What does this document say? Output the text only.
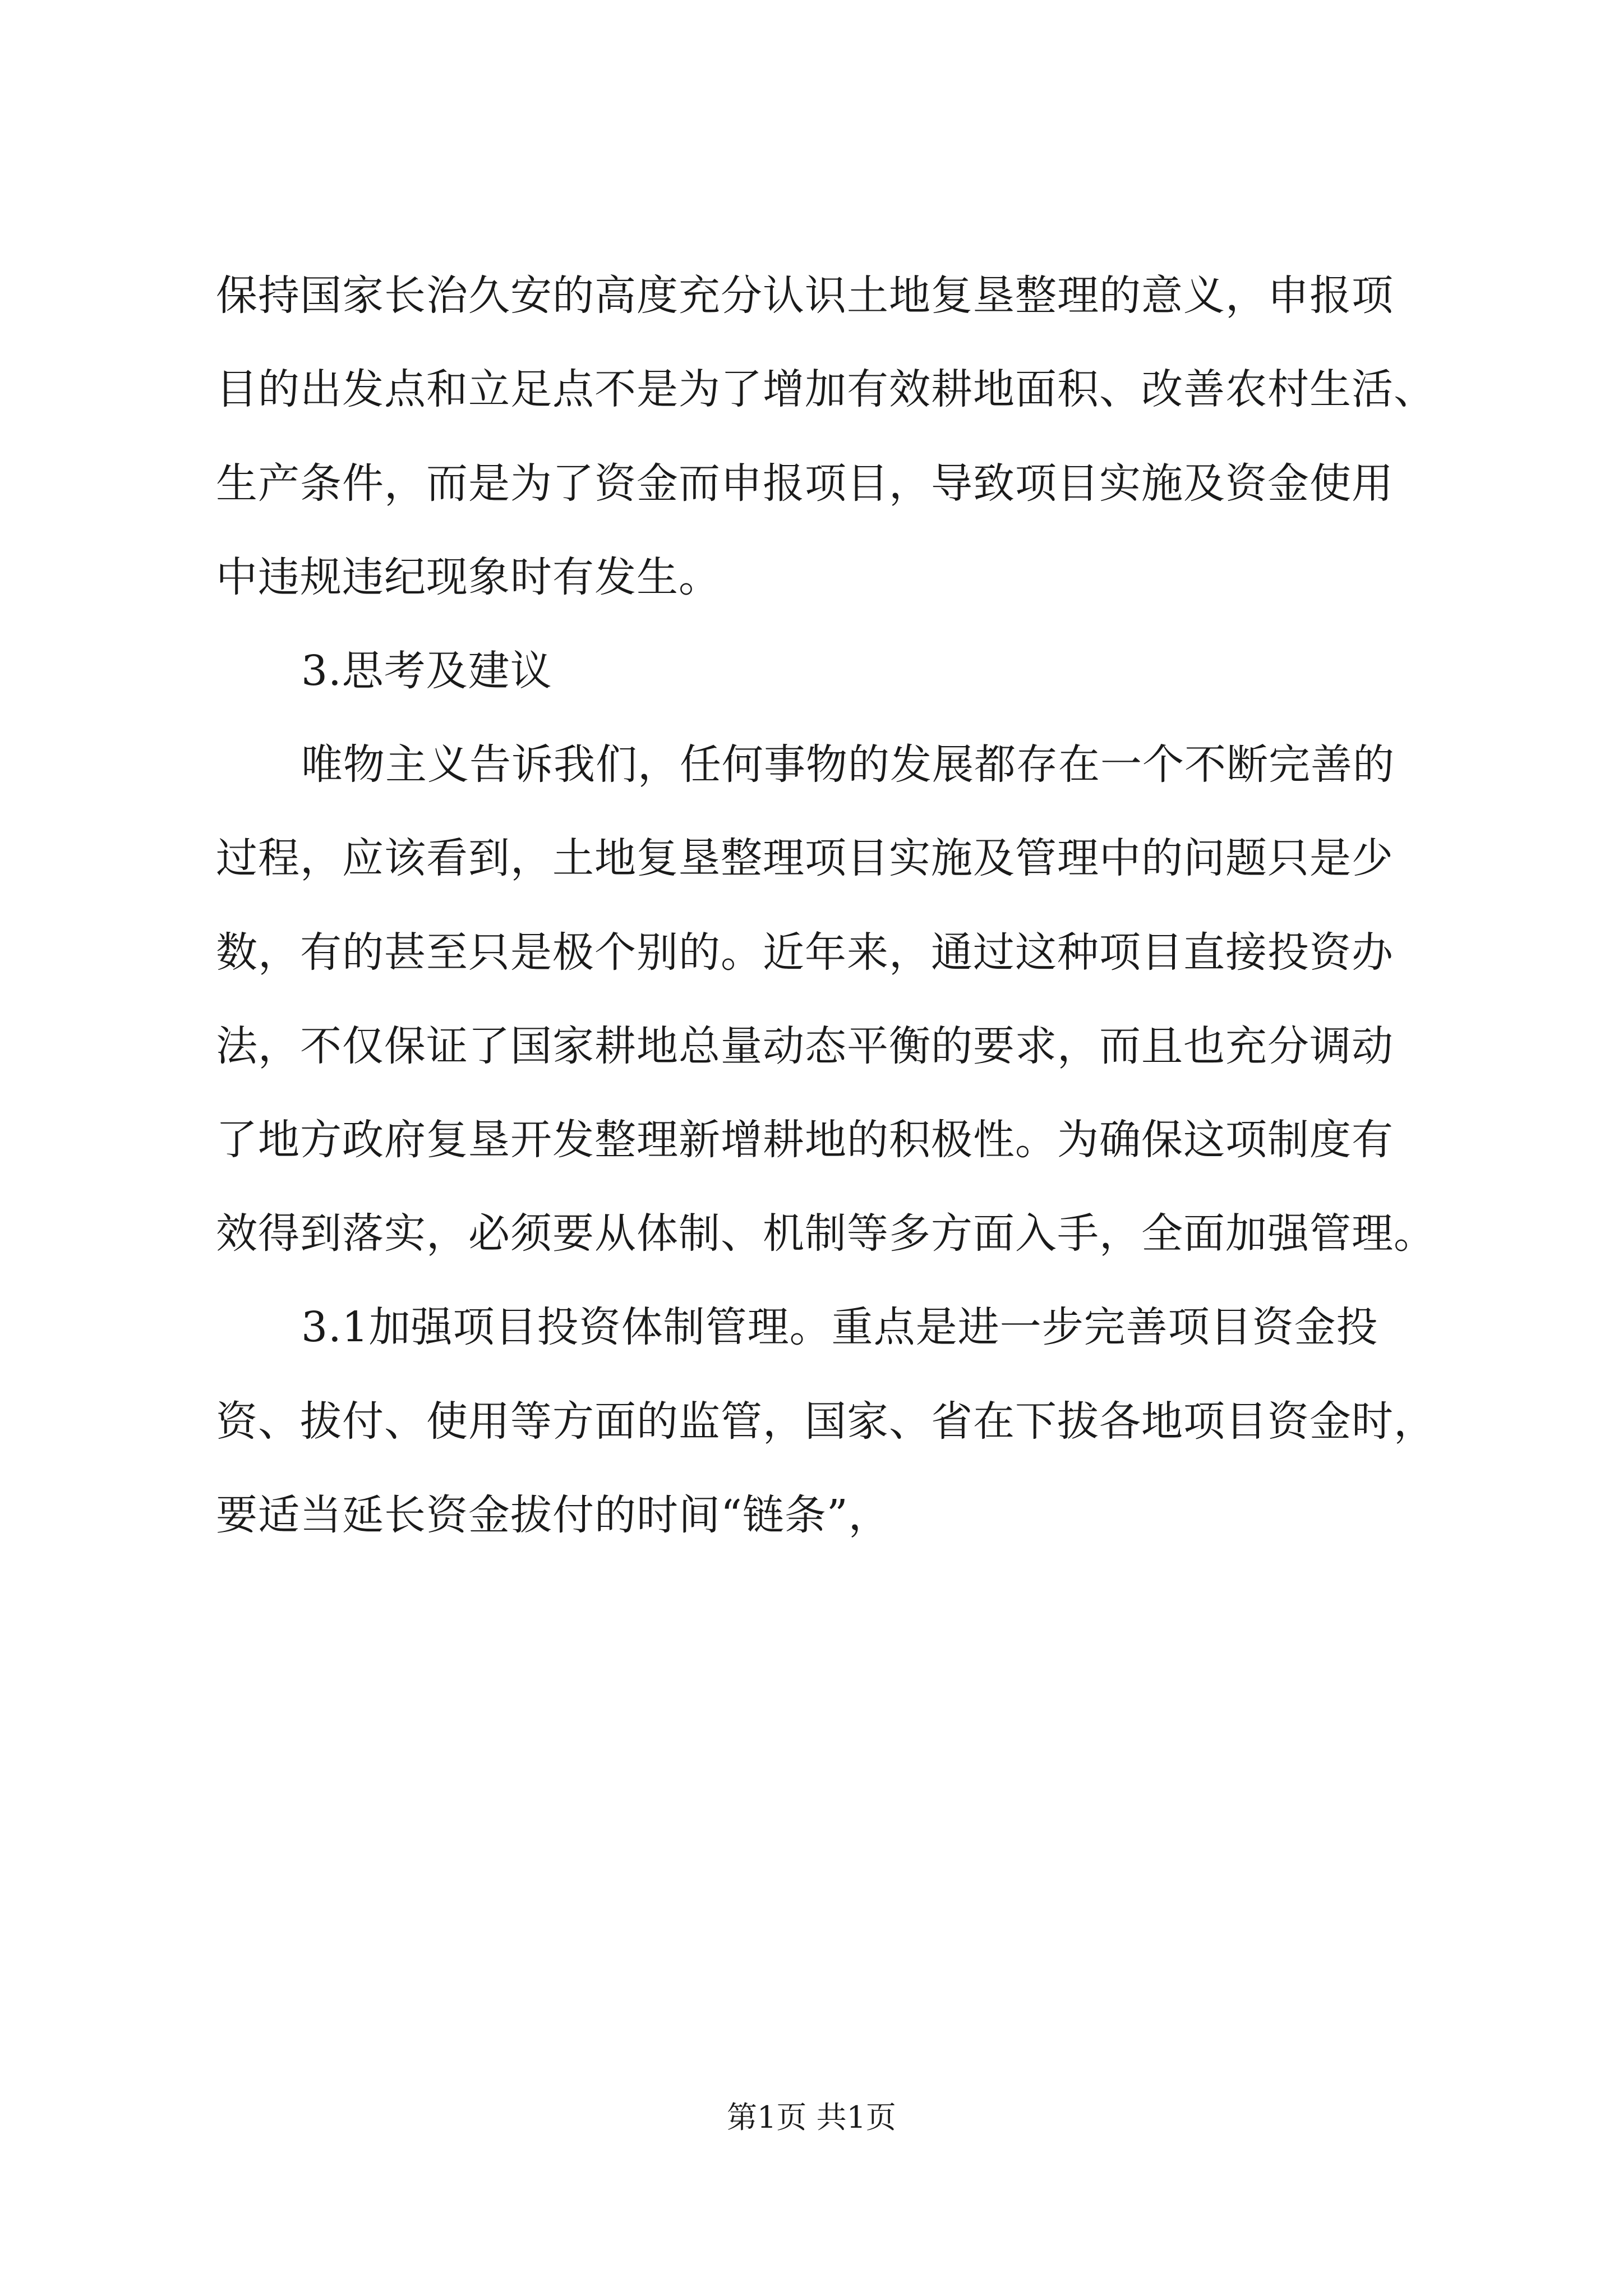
保持国家长治久安的高度充分认识土地复垦整理的意义，申报项
目的出发点和立足点不是为了增加有效耕地面积、改善农村生活、
生产条件，而是为了资金而申报项目，导致项目实施及资金使用
中违规违纪现象时有发生。
3.思考及建议
唯物主义告诉我们，任何事物的发展都存在一个不断完善的
过程，应该看到，土地复垦整理项目实施及管理中的问题只是少
数，有的甚至只是极个别的。近年来，通过这种项目直接投资办
法，不仅保证了国家耕地总量动态平衡的要求，而且也充分调动
了地方政府复垦开发整理新增耕地的积极性。为确保这项制度有
效得到落实，必须要从体制、机制等多方面入手，全面加强管理。
3.1加强项目投资体制管理。重点是进一步完善项目资金投
资、拔付、使用等方面的监管，国家、省在下拔各地项目资金时，
要适当延长资金拔付的时间“链条”，
第1页 共1页
